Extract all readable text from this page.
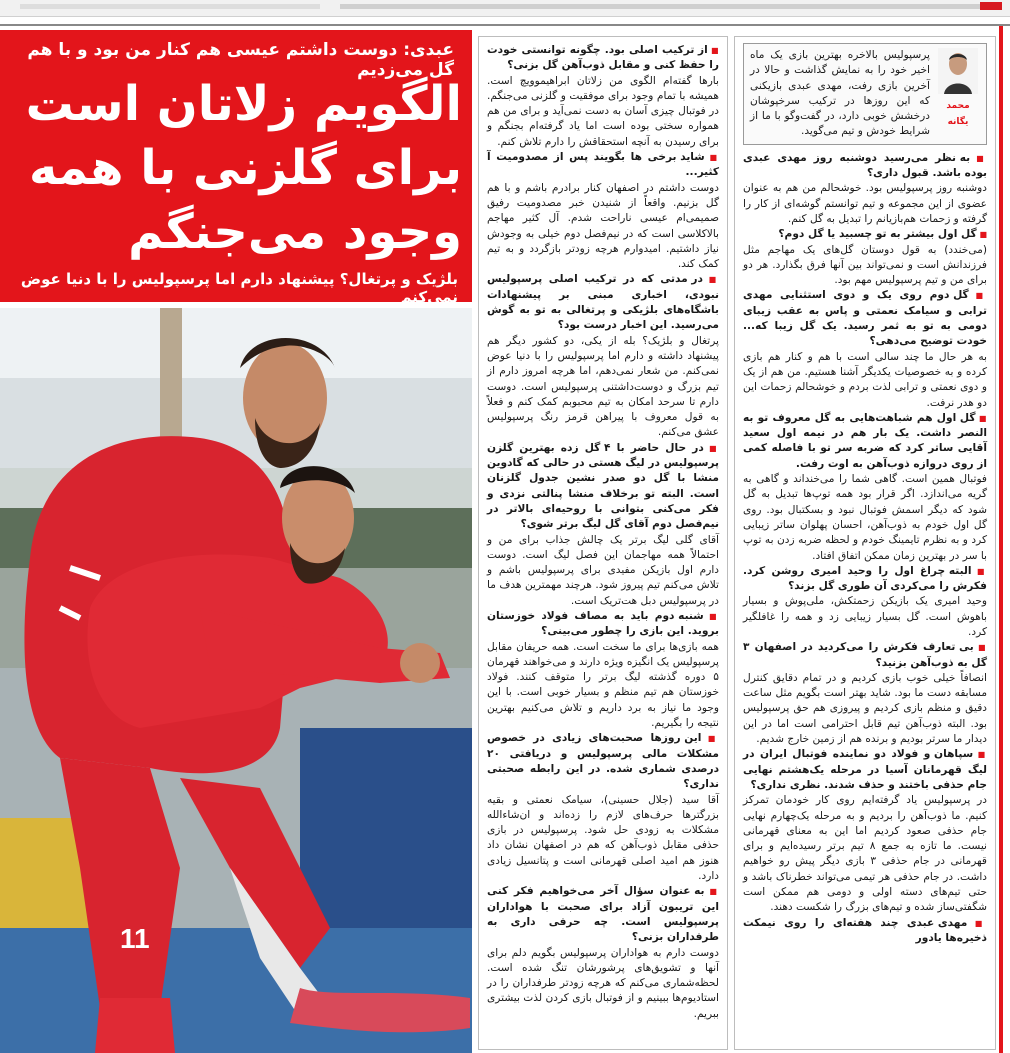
عبدی: دوست داشتم عیسی هم کنار من بود و با هم گل می‌زدیم
الگویم زلاتان است
برای گلزنی با همه
وجود می‌جنگم
بلژیک و پرتغال؟ پیشنهاد دارم اما پرسپولیس را با دنیا عوض نمی‌کنم
11
محمد ‌یگانه

پرسپولیس بالاخره بهترین بازی یک ماه اخیر خود را به نمایش گذاشت و حالا در آخرین بازی رفت، مهدی عبدی بازیکنی که این روزها در ترکیب سرخپوشان درخشش خوبی دارد، در گفت‌وگو با ما از شرایط خودش و تیم می‌گوید.

■ به نظر می‌رسید دوشنبه روز مهدی عبدی بوده باشد. قبول داری؟

دوشنبه روز پرسپولیس بود. خوشحالم من هم به عنوان عضوی از این مجموعه و تیم توانستم گوشه‌ای از کار را گرفته و زحمات هم‌بازیانم را تبدیل به گل کنم.

■ گل اول بیشتر به تو چسبید یا گل دوم؟

(می‌خندد) به قول دوستان گل‌های یک مهاجم مثل فرزندانش است و نمی‌تواند بین آنها فرق بگذارد. هر دو برای من و تیم پرسپولیس مهم بود.

■ گل دوم روی یک و دوی استثنایی مهدی ترابی و سیامک نعمتی و پاس به عقب زیبای دومی به تو به ثمر رسید. یک گل زیبا که... خودت توضیح می‌دهی؟

به هر حال ما چند سالی است با هم و کنار هم بازی کرده و به خصوصیات یکدیگر آشنا هستیم. من هم از یک و دوی نعمتی و ترابی لذت بردم و خوشحالم زحمات این دو هدر نرفت.

■ گل اول هم شباهت‌هایی به گل معروف تو به النصر داشت. یک بار هم در نیمه اول سعید آقایی ساتر کرد که ضربه سر تو با فاصله کمی از روی دروازه ذوب‌آهن به اوت رفت.

فوتبال همین است. گاهی شما را می‌خنداند و گاهی به گریه می‌اندازد. اگر قرار بود همه توپ‌ها تبدیل به گل شود که دیگر اسمش فوتبال نبود و بسکتبال بود. روی گل اول خودم به ذوب‌آهن، احسان پهلوان ساتر زیبایی کرد و به نظرم تایمینگ خودم و لحظه ضربه زدن به توپ با سر در بهترین زمان ممکن اتفاق افتاد.

■ البته چراغ اول را وحید امیری روشن کرد. فکرش را می‌کردی آن طوری گل بزند؟

وحید امیری یک بازیکن زحمتکش، ملی‌پوش و بسیار باهوش است. گل بسیار زیبایی زد و همه را غافلگیر کرد.

■ بی تعارف فکرش را می‌کردید در اصفهان ۳ گل به ذوب‌آهن بزنید؟

انصافاً خیلی خوب بازی کردیم و در تمام دقایق کنترل مسابقه دست ما بود. شاید بهتر است بگویم مثل ساعت دقیق و منظم بازی کردیم و پیروزی هم حق پرسپولیس بود. البته ذوب‌آهن تیم قابل احترامی است اما در این دیدار ما سرتر بودیم و برنده هم از زمین خارج شدیم.

■ سپاهان و فولاد دو نماینده فوتبال ایران در لیگ قهرمانان آسیا در مرحله یک‌هشتم نهایی جام حذفی باختند و حذف شدند. نظری نداری؟

در پرسپولیس یاد گرفته‌ایم روی کار خودمان تمرکز کنیم. ما ذوب‌آهن را بردیم و به مرحله یک‌چهارم نهایی جام حذفی صعود کردیم اما این به معنای قهرمانی نیست. ما تازه به جمع ۸ تیم برتر رسیده‌ایم و برای قهرمانی در جام حذفی ۳ بازی دیگر پیش رو خواهیم داشت. در جام حذفی هر تیمی می‌تواند خطرناک باشد و حتی تیم‌های دسته اولی و دومی هم ممکن است شگفتی‌ساز شده و تیم‌های بزرگ را شکست دهند.

■ مهدی عبدی چند هفته‌ای را روی نیمکت ذخیره‌ها یادور

■ از ترکیب اصلی بود. چگونه توانستی خودت را حفظ کنی و مقابل ذوب‌آهن گل بزنی؟

بارها گفته‌ام الگوی من زلاتان ابراهیموویچ است. همیشه با تمام وجود برای موفقیت و گلزنی می‌جنگم. در فوتبال چیزی آسان به دست نمی‌آید و برای من هم همواره سختی بوده است اما یاد گرفته‌ام بجنگم و برای رسیدن به آنچه استحقاقش را دارم تلاش کنم.

■ شاید برخی ها بگویند پس از مصدومیت آ کثیر...

دوست داشتم در اصفهان کنار برادرم باشم و با هم گل بزنیم. واقعاً از شنیدن خبر مصدومیت رفیق صمیمی‌ام عیسی ناراحت شدم. آل کثیر مهاجم بالاکلاسی است که در نیم‌فصل دوم خیلی به وجودش نیاز داشتیم. امیدوارم هرچه زودتر بازگردد و به تیم کمک کند.

■ در مدتی که در ترکیب اصلی پرسپولیس نبودی، اخباری مبنی بر پیشنهادات باشگاه‌های بلژیکی و پرتغالی به تو به گوش می‌رسید. این اخبار درست بود؟

پرتغال و بلژیک؟ بله از یکی، دو کشور دیگر هم پیشنهاد داشته و دارم اما پرسپولیس را با دنیا عوض نمی‌کنم. من شعار نمی‌دهم، اما هرچه امروز دارم از تیم بزرگ و دوست‌داشتنی پرسپولیس است. دوست دارم تا سرحد امکان به تیم محبوبم کمک کنم و فعلاً به قول معروف با پیراهن قرمز رنگ پرسپولیس عشق می‌کنم.

■ در حال حاضر با ۴ گل زده بهترین گلزن پرسپولیس در لیگ هستی در حالی که گادوین منشا با گل دو صدر نشین جدول گلزنان است. البته تو برخلاف منشا پنالتی نزدی و فکر می‌کنی بتوانی با روحیه‌ای بالاتر در نیم‌فصل دوم آقای گل لیگ برتر شوی؟

آقای گلی لیگ برتر یک چالش جذاب برای من و احتمالاً همه مهاجمان این فصل لیگ است. دوست دارم اول بازیکن مفیدی برای پرسپولیس باشم و تلاش می‌کنم تیم پیروز شود. هرچند مهمترین هدف ما در پرسپولیس دبل هت‌تریک است.

■ شنبه دوم باید به مصاف فولاد خوزستان بروید. این بازی را چطور می‌بینی؟

همه بازی‌ها برای ما سخت است. همه حریفان مقابل پرسپولیس یک انگیزه ویژه دارند و می‌خواهند قهرمان ۵ دوره گذشته لیگ برتر را متوقف کنند. فولاد خوزستان هم تیم منظم و بسیار خوبی است. با این وجود ما نیاز به برد داریم و تلاش می‌کنیم بهترین نتیجه را بگیریم.

■ این روزها صحبت‌های زیادی در خصوص مشکلات مالی پرسپولیس و دریافتی ۲۰ درصدی شماری شده. در این رابطه صحبتی نداری؟

آقا سید (جلال حسینی)، سیامک نعمتی و بقیه بزرگترها حرف‌های لازم را زده‌اند و ان‌شاءالله مشکلات به زودی حل شود. پرسپولیس در بازی حذفی مقابل ذوب‌آهن که هم در اصفهان نشان داد هنوز هم امید اصلی قهرمانی است و پتانسیل زیادی دارد.

■ به عنوان سؤال آخر می‌خواهیم فکر کنی این تریبون آزاد برای صحبت با هواداران پرسپولیس است. چه حرفی داری به طرفداران بزنی؟

دوست دارم به هواداران پرسپولیس بگویم دلم برای آنها و تشویق‌های پرشورشان تنگ شده است. لحظه‌شماری می‌کنم که هرچه زودتر طرفداران را در استادیوم‌ها ببینیم و از فوتبال بازی کردن لذت بیشتری ببریم.
